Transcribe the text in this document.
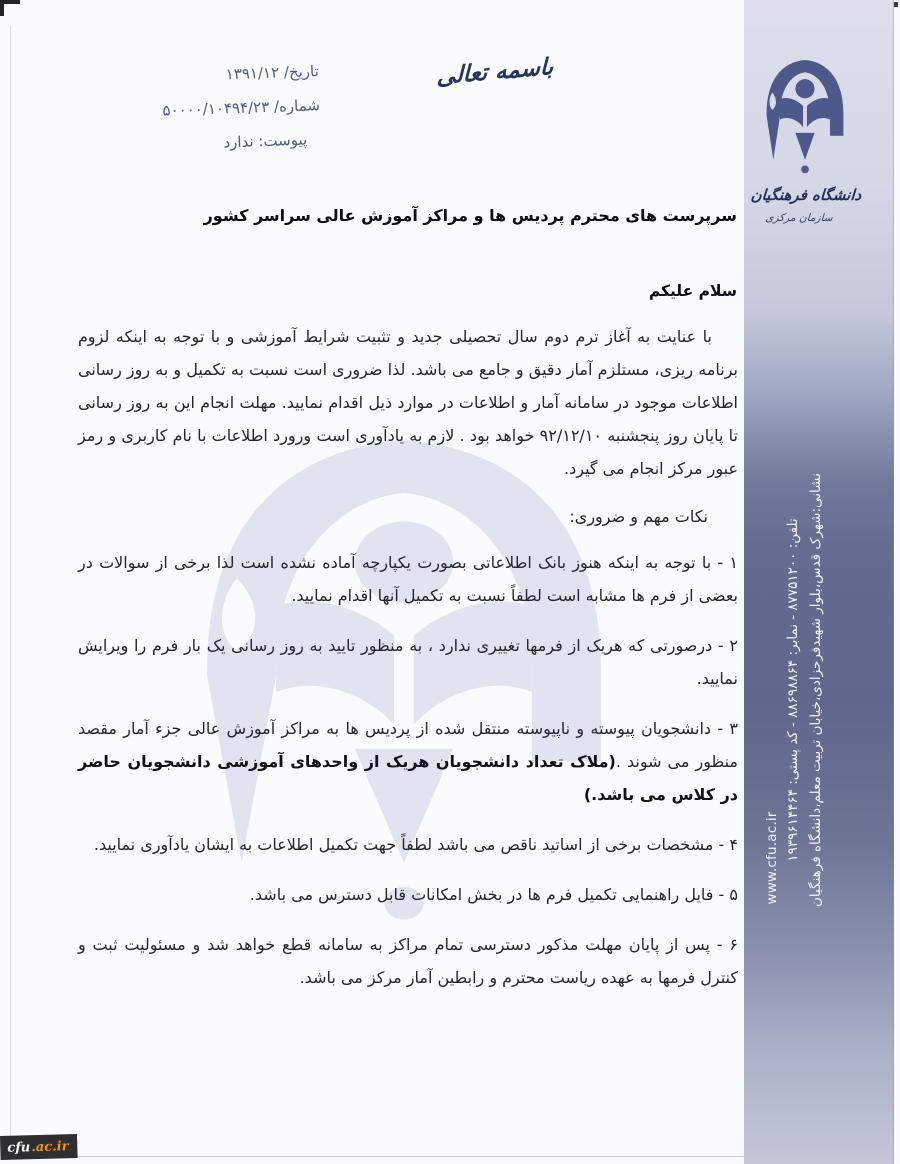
دانشگاه فرهنگیان
سازمان مرکزی
نشانی:شهرک قدس،بلوار شهیدفرحزادی،خیابان تربیت معلم،دانشگاه فرهنگیان
تلفن: ۸۷۷۵۱۲۰۰ - نمابر: ۸۸۶۹۸۸۶۴ - کد پستی: ۱۹۳۹۶۱۴۴۶۴
www.cfu.ac.ir
تاریخ/ ۱۳۹۱/۱۲
شماره/ ۵۰۰۰۰/۱۰۴۹۴/۲۳
پیوست: ندارد
باسمه تعالی
سرپرست های محترم پردیس ها و مراکز آموزش عالی سراسر کشور
سلام علیکم

با عنایت به آغاز ترم دوم سال تحصیلی جدید و تثبیت شرایط آموزشی و با توجه به اینکه لزوم برنامه ریزی، مستلزم آمار دقیق و جامع می باشد. لذا ضروری است نسبت به تکمیل و به روز رسانی اطلاعات موجود در سامانه آمار و اطلاعات در موارد ذیل اقدام نمایید. مهلت انجام این به روز رسانی تا پایان روز پنجشنبه ۹۲/۱۲/۱۰ خواهد بود . لازم به یادآوری است ورورد اطلاعات با نام کاربری و رمز عبور مرکز انجام می گیرد.

نکات مهم و ضروری:

۱ - با توجه به اینکه هنوز بانک اطلاعاتی بصورت یکپارچه آماده نشده است لذا برخی از سوالات در بعضی از فرم ها مشابه است لطفاً نسبت به تکمیل آنها اقدام نمایید.

۲ - درصورتی که هریک از فرمها تغییری ندارد ، به منظور تایید به روز رسانی یک بار فرم را ویرایش نمایید.

۳ - دانشجویان پیوسته و ناپیوسته منتقل شده از پردیس ها به مراکز آموزش عالی جزء آمار مقصد منظور می شوند .(ملاک تعداد دانشجویان هریک از واحدهای آموزشی دانشجویان حاضر در کلاس می باشد.)

۴ - مشخصات برخی از اساتید ناقص می باشد لطفاً جهت تکمیل اطلاعات به ایشان یادآوری نمایید.

۵ - فایل راهنمایی تکمیل فرم ها در بخش امکانات قابل دسترس می باشد.

۶ - پس از پایان مهلت مذکور دسترسی تمام مراکز به سامانه قطع خواهد شد و مسئولیت ثبت و کنترل فرمها به عهده ریاست محترم و رابطین آمار مرکز می باشد.

cfu .ac.ir
